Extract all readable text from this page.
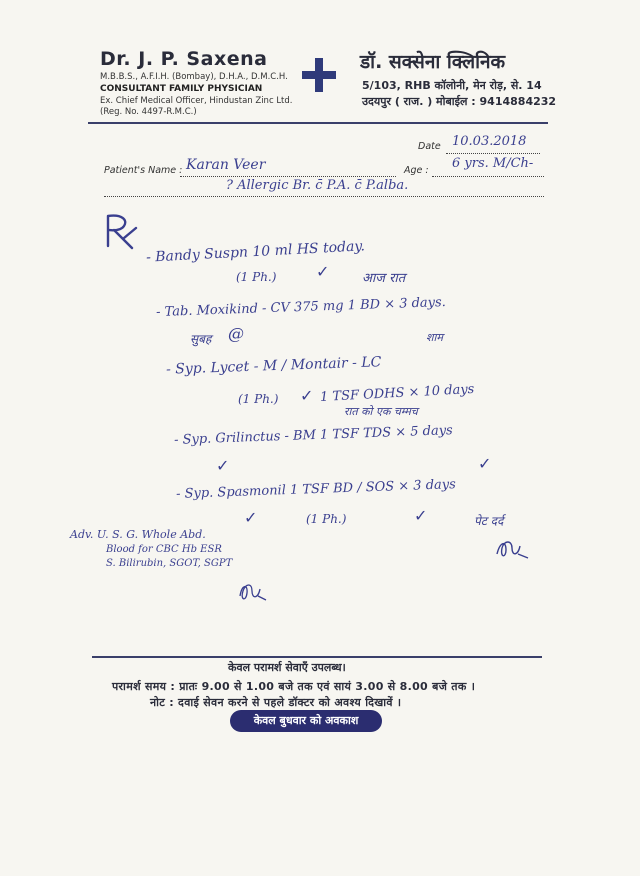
Dr. J. P. Saxena
M.B.B.S., A.F.I.H. (Bombay), D.H.A., D.M.C.H.
CONSULTANT FAMILY PHYSICIAN
Ex. Chief Medical Officer, Hindustan Zinc Ltd.
(Reg. No. 4497-R.M.C.)
डॉ. सक्सेना क्लिनिक
5/103, RHB कॉलोनी, मेन रोड़, से. 14
उदयपुर ( राज. ) मोबाईल : 9414884232
Date 10.03.2018
Patient's Name : Karan Veer	Age : 6 yrs. M/Ch-
? Allergic Br. c̄ P.A. c̄ P.alba.
- Bandy Suspn 10 ml HS today.
(1 Ph.) ✓	आज रात
- Tab. Moxikind - CV 375 mg 1 BD × 3 days.
सुबह @	शाम
- Syp. Lycet - M / Montair - LC
(1 Ph.) ✓ 1 TSF ODHS × 10 days
रात को एक चम्मच
- Syp. Grilinctus - BM 1 TSF TDS × 5 days
✓	✓
- Syp. Spasmonil 1 TSF BD / SOS × 3 days
✓	(1 Ph.)	✓	पेट दर्द
Adv. U. S. G. Whole Abd.
Blood for CBC Hb ESR
S. Bilirubin, SGOT, SGPT
केवल परामर्श सेवाएँ उपलब्ध।
परामर्श समय : प्रातः 9.00 से 1.00 बजे तक एवं सायं 3.00 से 8.00 बजे तक ।
नोट : दवाई सेवन करने से पहले डॉक्टर को अवश्य दिखावें ।
केवल बुधवार को अवकाश
